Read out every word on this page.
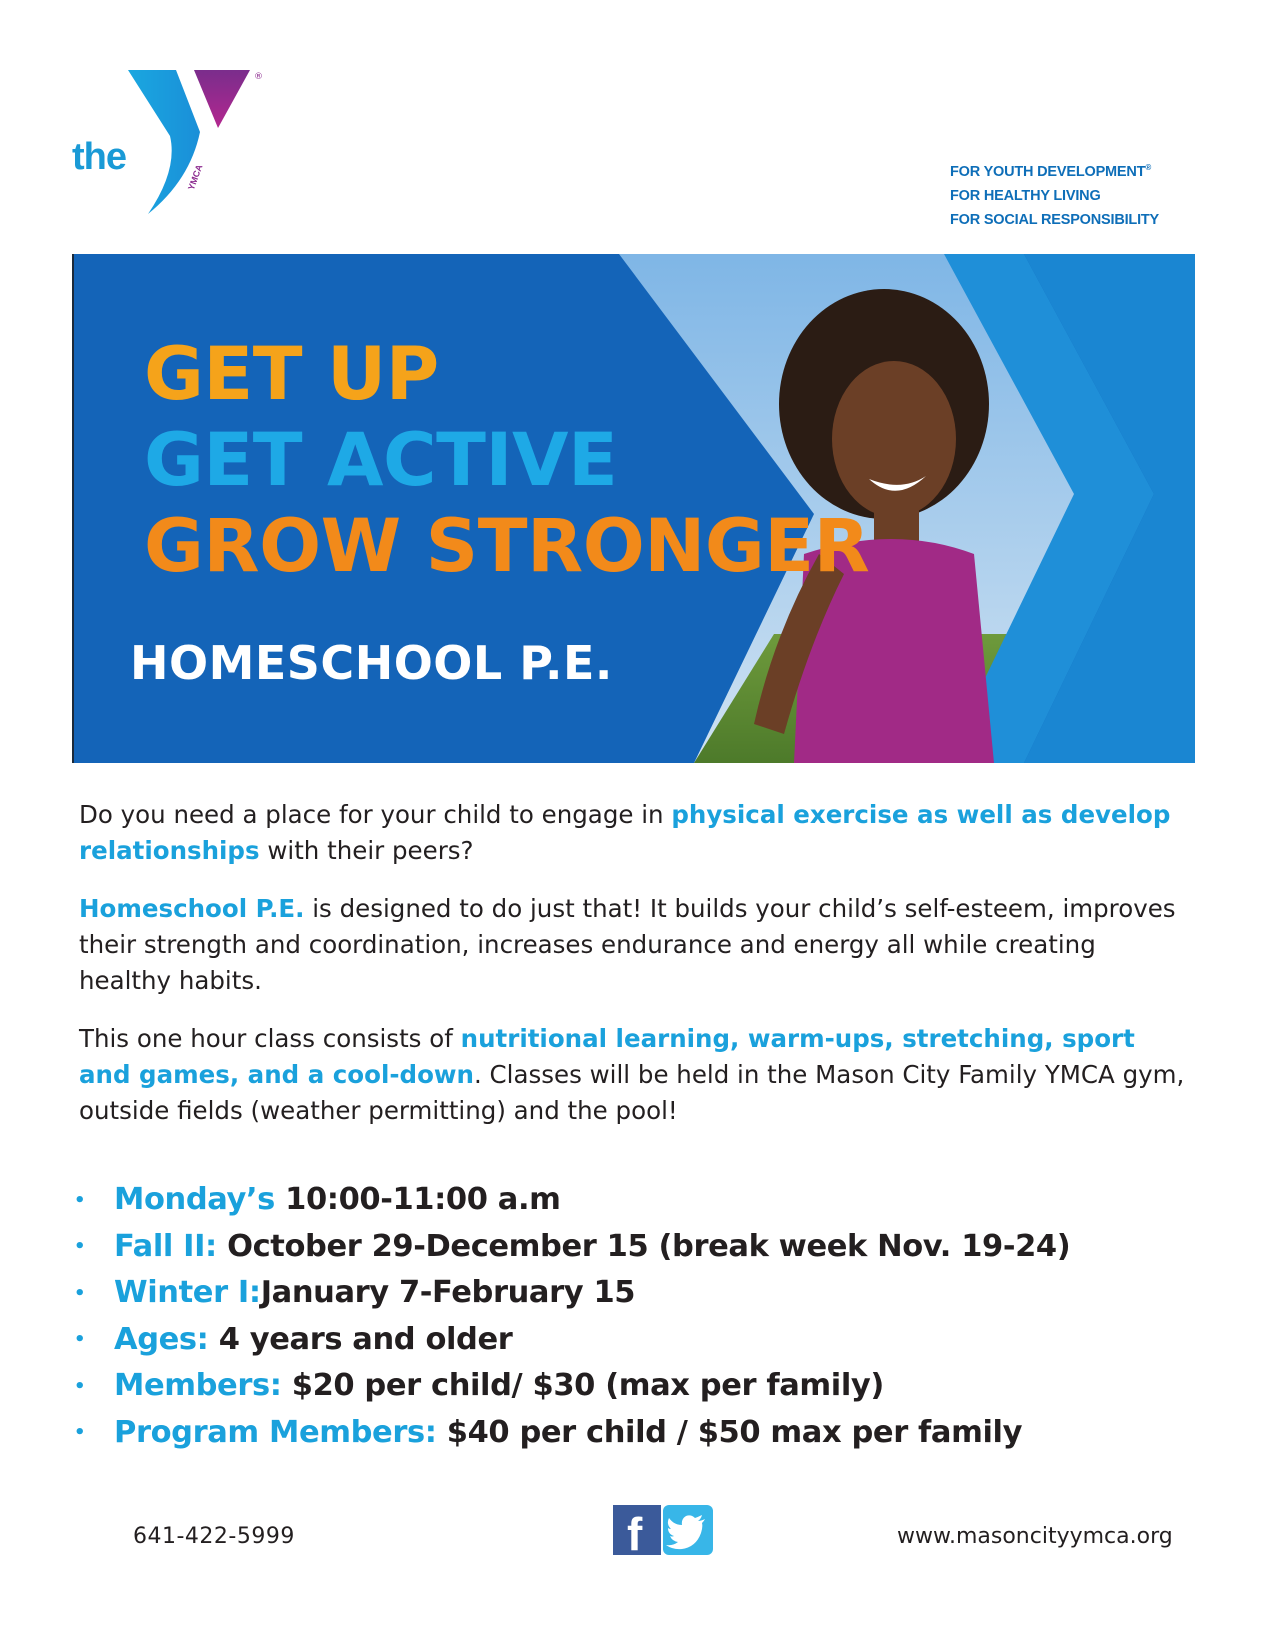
the
®
YMCA	FOR YOUTH DEVELOPMENT®
FOR HEALTHY LIVING
FOR SOCIAL RESPONSIBILITY
GET UP
GET ACTIVE
GROW STRONGER
HOMESCHOOL P.E.

Do you need a place for your child to engage in physical exercise as well as develop relationships with their peers?

Homeschool P.E. is designed to do just that! It builds your child’s self-esteem, improves their strength and coordination, increases endurance and energy all while creating healthy habits.

This one hour class consists of nutritional learning, warm-ups, stretching, sport and games, and a cool-down. Classes will be held in the Mason City Family YMCA gym, outside fields (weather permitting) and the pool!

• Monday’s 10:00-11:00 a.m
• Fall II: October 29-December 15 (break week Nov. 19-24)
• Winter I:January 7-February 15
• Ages: 4 years and older
• Members: $20 per child/ $30 (max per family)
• Program Members: $40 per child / $50 max per family
641-422-5999	f	www.masoncityymca.org
